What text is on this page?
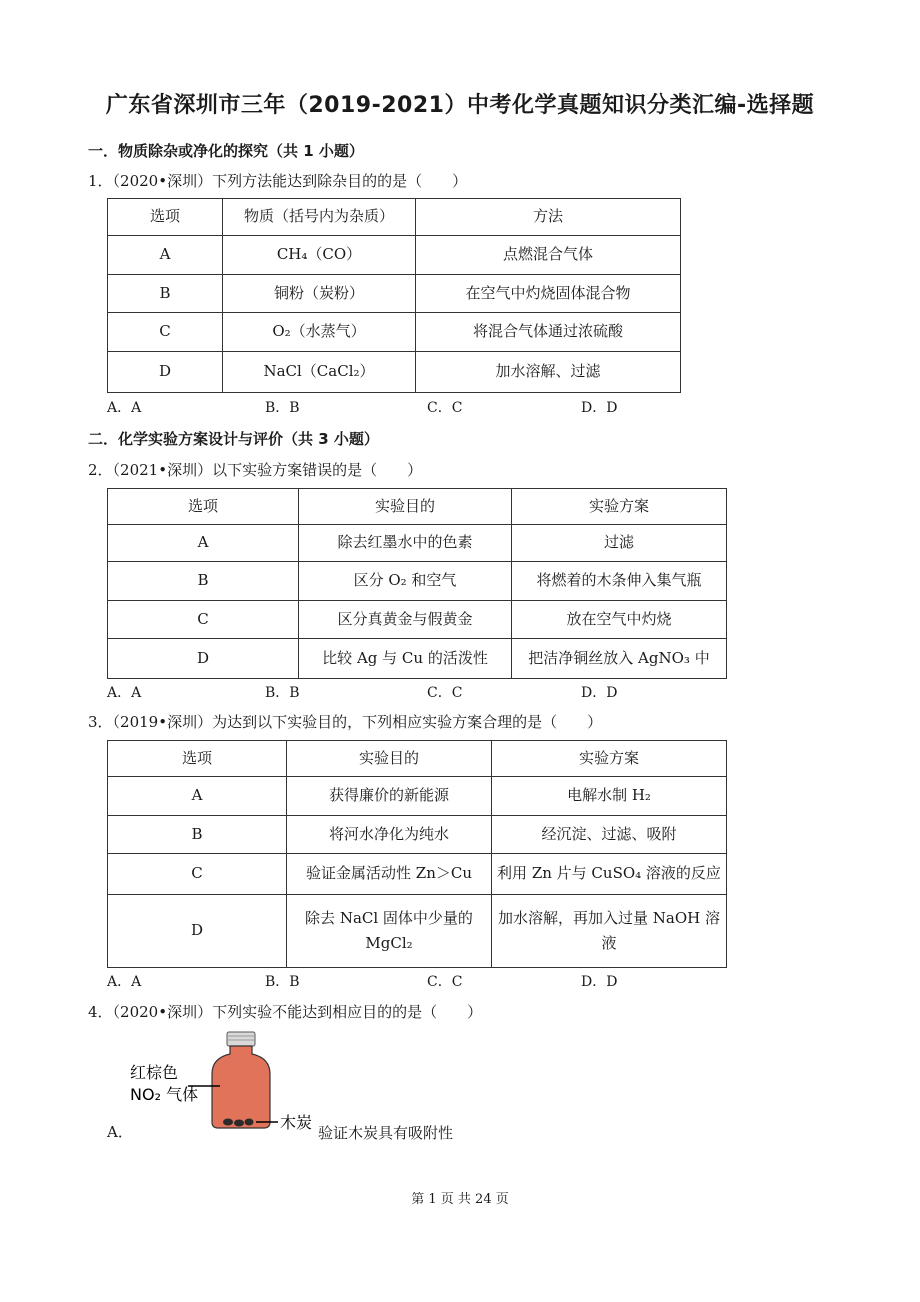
广东省深圳市三年（2019-2021）中考化学真题知识分类汇编-选择题
一．物质除杂或净化的探究（共 1 小题）
1．（2020•深圳）下列方法能达到除杂目的的是（　　）
选项	物质（括号内为杂质）	方法
A	CH₄（CO）	点燃混合气体
B	铜粉（炭粉）	在空气中灼烧固体混合物
C	O₂（水蒸气）	将混合气体通过浓硫酸
D	NaCl（CaCl₂）	加水溶解、过滤
A．A	B．B	C．C	D．D
二．化学实验方案设计与评价（共 3 小题）
2．（2021•深圳）以下实验方案错误的是（　　）
选项	实验目的	实验方案
A	除去红墨水中的色素	过滤
B	区分 O₂ 和空气	将燃着的木条伸入集气瓶
C	区分真黄金与假黄金	放在空气中灼烧
D	比较 Ag 与 Cu 的活泼性	把洁净铜丝放入 AgNO₃ 中
A．A	B．B	C．C	D．D
3．（2019•深圳）为达到以下实验目的，下列相应实验方案合理的是（　　）
选项	实验目的	实验方案
A	获得廉价的新能源	电解水制 H₂
B	将河水净化为纯水	经沉淀、过滤、吸附
C	验证金属活动性 Zn＞Cu	利用 Zn 片与 CuSO₄ 溶液的反应
D	除去 NaCl 固体中少量的 MgCl₂	加水溶解，再加入过量 NaOH 溶液
A．A	B．B	C．C	D．D
4．（2020•深圳）下列实验不能达到相应目的的是（　　）
A．
红棕色
NO₂ 气体
木炭
验证木炭具有吸附性
第 1 页 共 24 页
